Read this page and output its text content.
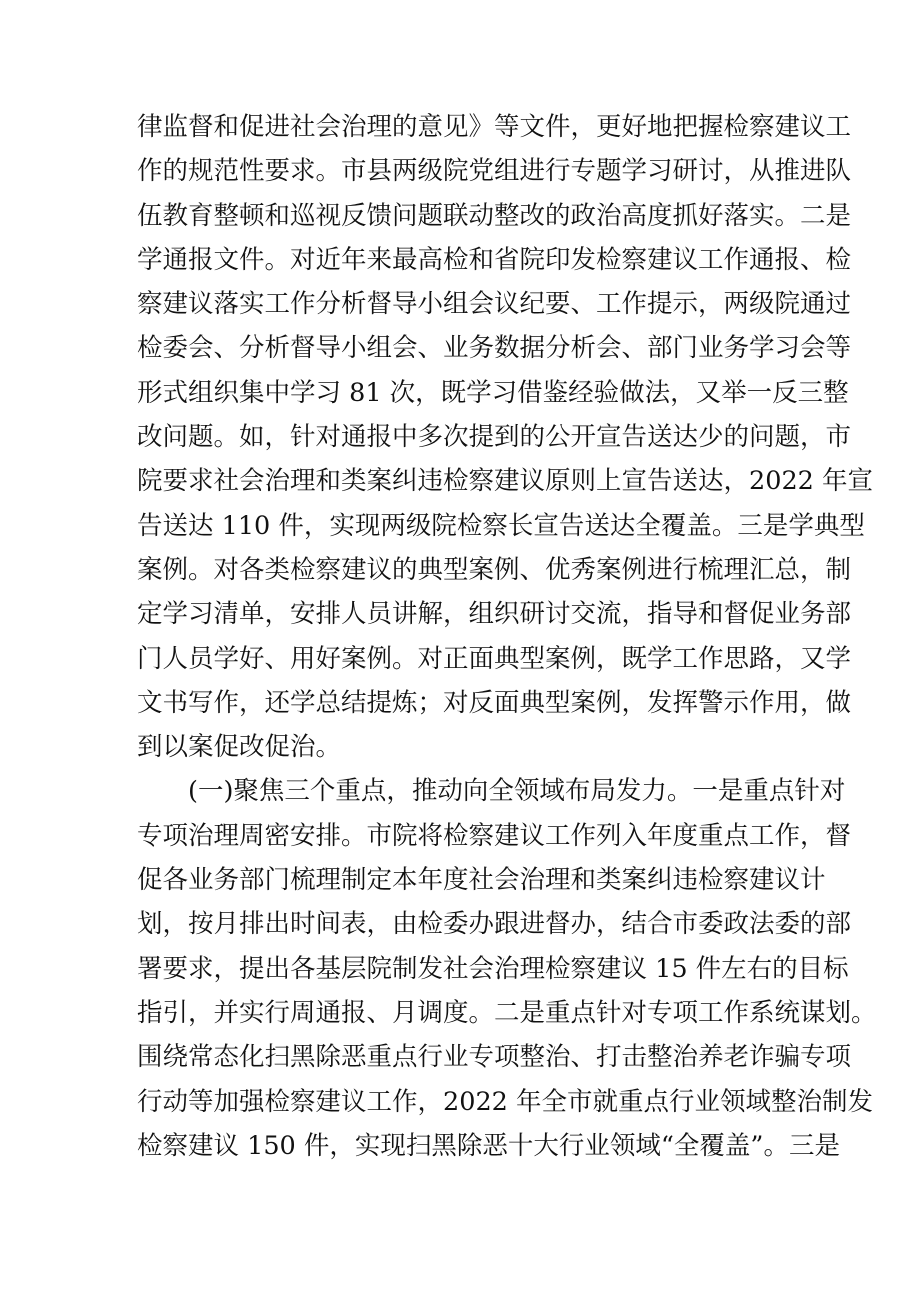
律监督和促进社会治理的意见》等文件，更好地把握检察建议工
作的规范性要求。市县两级院党组进行专题学习研讨，从推进队
伍教育整顿和巡视反馈问题联动整改的政治高度抓好落实。二是
学通报文件。对近年来最高检和省院印发检察建议工作通报、检
察建议落实工作分析督导小组会议纪要、工作提示，两级院通过
检委会、分析督导小组会、业务数据分析会、部门业务学习会等
形式组织集中学习 81 次，既学习借鉴经验做法，又举一反三整
改问题。如，针对通报中多次提到的公开宣告送达少的问题，市
院要求社会治理和类案纠违检察建议原则上宣告送达，2022 年宣
告送达 110 件，实现两级院检察长宣告送达全覆盖。三是学典型
案例。对各类检察建议的典型案例、优秀案例进行梳理汇总，制
定学习清单，安排人员讲解，组织研讨交流，指导和督促业务部
门人员学好、用好案例。对正面典型案例，既学工作思路，又学
文书写作，还学总结提炼；对反面典型案例，发挥警示作用，做
到以案促改促治。
(一)聚焦三个重点，推动向全领域布局发力。一是重点针对
专项治理周密安排。市院将检察建议工作列入年度重点工作，督
促各业务部门梳理制定本年度社会治理和类案纠违检察建议计
划，按月排出时间表，由检委办跟进督办，结合市委政法委的部
署要求，提出各基层院制发社会治理检察建议 15 件左右的目标
指引，并实行周通报、月调度。二是重点针对专项工作系统谋划。
围绕常态化扫黑除恶重点行业专项整治、打击整治养老诈骗专项
行动等加强检察建议工作，2022 年全市就重点行业领域整治制发
检察建议 150 件，实现扫黑除恶十大行业领域“全覆盖”。三是
